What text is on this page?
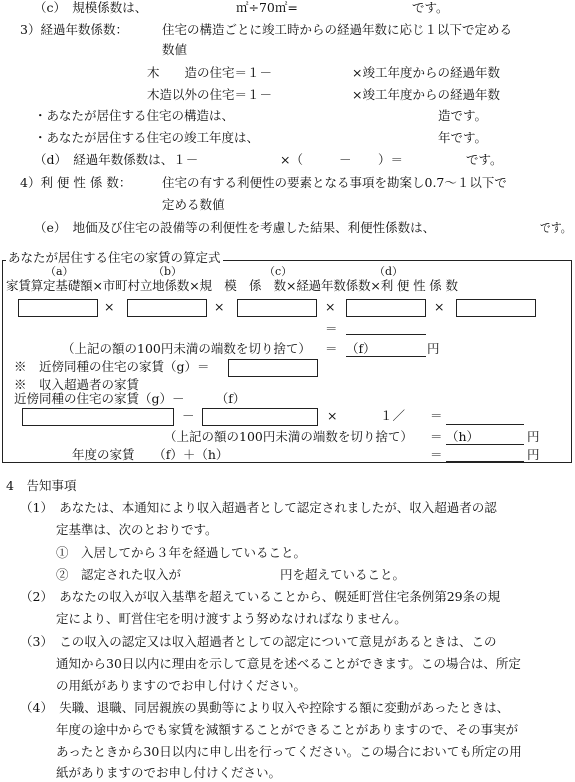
（c）　規模係数は、	㎡÷70㎡=	です。
3）経過年数係数：	住宅の構造ごとに竣工時からの経過年数に応じ１以下で定める
数値
木　　造の住宅＝１－	×竣工年度からの経過年数
木造以外の住宅＝１－	×竣工年度からの経過年数
・あなたが居住する住宅の構造は、	造です。
・あなたが居住する住宅の竣工年度は、	年です。
（d）　経過年数係数は、１－	×（	－ ）＝	です。
4）利 便 性 係 数： 住宅の有する利便性の要素となる事項を勘案し0.7～１以下で
定める数値
（e）　地価及び住宅の設備等の利便性を考慮した結果、利便性係数は、	です。
あなたが居住する住宅の家賃の算定式
（a）	（b）	（c）	（d）
家賃算定基礎額×市町村立地係数×規　模　係　数×経過年数係数×利 便 性 係 数
×	×	×	×
＝
（上記の額の100円未満の端数を切り捨て） ＝ （f）	円
※　近傍同種の住宅の家賃（g）＝
※　収入超過者の家賃
近傍同種の住宅の家賃（g）－　　　（f）
－	×	１／ ＝
（上記の額の100円未満の端数を切り捨て） ＝ （h）	円
年度の家賃　　（f）＋（h）	＝	円
4　告知事項
（1）　あなたは、本通知により収入超過者として認定されましたが、収入超過者の認
定基準は、次のとおりです。
①　入居してから３年を経過していること。
②　認定された収入が	円を超えていること。
（2）　あなたの収入が収入基準を超えていることから、幌延町営住宅条例第29条の規
定により、町営住宅を明け渡すよう努めなければなりません。
（3）　この収入の認定又は収入超過者としての認定について意見があるときは、この
通知から30日以内に理由を示して意見を述べることができます。この場合は、所定
の用紙がありますのでお申し付けください。
（4）　失職、退職、同居親族の異動等により収入や控除する額に変動があったときは、
年度の途中からでも家賃を減額することができることがありますので、その事実が
あったときから30日以内に申し出を行ってください。この場合においても所定の用
紙がありますのでお申し付けください。
